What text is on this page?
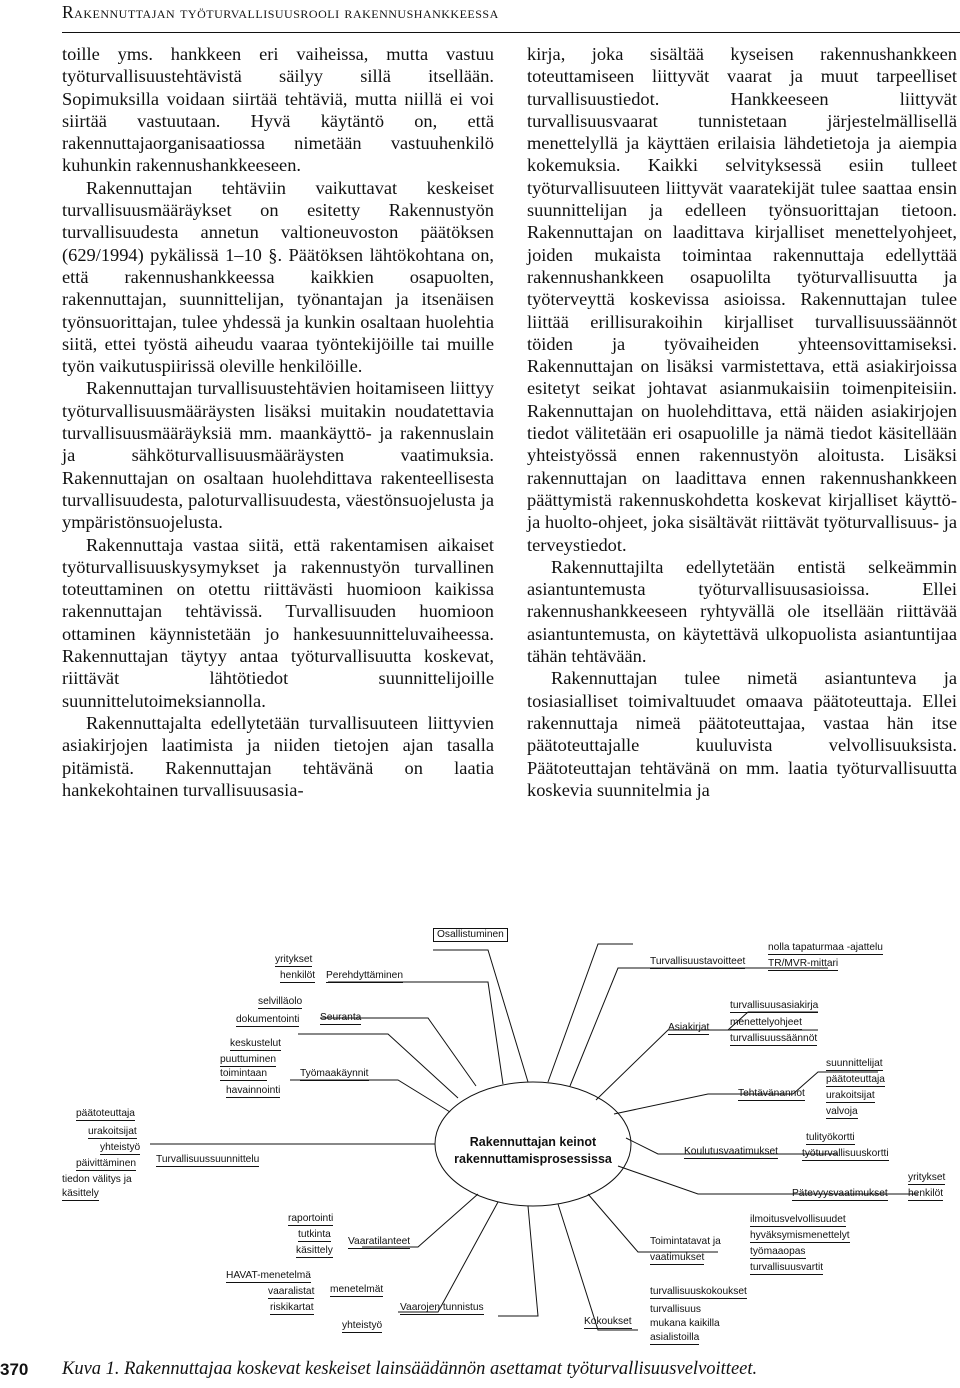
Rakennuttajan työturvallisuusrooli rakennushankkeessa

toille yms. hankkeen eri vaiheissa, mutta vastuu työturvallisuustehtävistä säilyy sillä itsellään. Sopimuksilla voidaan siirtää tehtäviä, mutta niillä ei voi siirtää vastuutaan. Hyvä käytäntö on, että rakennuttajaorganisaatiossa nimetään vastuuhenkilö kuhunkin rakennushankkeeseen.

Rakennuttajan tehtäviin vaikuttavat keskeiset turvallisuusmääräykset on esitetty Rakennustyön turvallisuudesta annetun valtioneuvoston päätöksen (629/1994) pykälissä 1–10 §. Päätöksen lähtökohtana on, että rakennushankkeessa kaikkien osapuolten, rakennuttajan, suunnittelijan, työnantajan ja itsenäisen työnsuorittajan, tulee yhdessä ja kunkin osaltaan huolehtia siitä, ettei työstä aiheudu vaaraa työntekijöille tai muille työn vaikutuspiirissä oleville henkilöille.

Rakennuttajan turvallisuustehtävien hoitamiseen liittyy työturvallisuusmääräysten lisäksi muitakin noudatettavia turvallisuusmääräyksiä mm. maankäyttö- ja rakennuslain ja sähköturvallisuusmääräysten vaatimuksia. Rakennuttajan on osaltaan huolehdittava rakenteellisesta turvallisuudesta, paloturvallisuudesta, väestönsuojelusta ja ympäristönsuojelusta.

Rakennuttaja vastaa siitä, että rakentamisen aikaiset työturvallisuuskysymykset ja rakennustyön turvallinen toteuttaminen on otettu riittävästi huomioon kaikissa rakennuttajan tehtävissä. Turvallisuuden huomioon ottaminen käynnistetään jo hankesuunnitteluvaiheessa. Rakennuttajan täytyy antaa työturvallisuutta koskevat, riittävät lähtötiedot suunnittelijoille suunnittelutoimeksiannolla.

Rakennuttajalta edellytetään turvallisuuteen liittyvien asiakirjojen laatimista ja niiden tietojen ajan tasalla pitämistä. Rakennuttajan tehtävänä on laatia hankekohtainen turvallisuusasia-

kirja, joka sisältää kyseisen rakennushankkeen toteuttamiseen liittyvät vaarat ja muut tarpeelliset turvallisuustiedot. Hankkeeseen liittyvät turvallisuusvaarat tunnistetaan järjestelmällisellä menettelyllä ja käyttäen erilaisia lähdetietoja ja aiempia kokemuksia. Kaikki selvityksessä esiin tulleet työturvallisuuteen liittyvät vaaratekijät tulee saattaa ensin suunnittelijan ja edelleen työnsuorittajan tietoon. Rakennuttajan on laadittava kirjalliset menettelyohjeet, joiden mukaista toimintaa rakennuttaja edellyttää rakennushankkeen osapuolilta työturvallisuutta ja työterveyttä koskevissa asioissa. Rakennuttajan tulee liittää erillisurakoihin kirjalliset turvallisuussäännöt töiden ja työvaiheiden yhteensovittamiseksi. Rakennuttajan on lisäksi varmistettava, että asiakirjoissa esitetyt seikat johtavat asianmukaisiin toimenpiteisiin. Rakennuttajan on huolehdittava, että näiden asiakirjojen tiedot välitetään eri osapuolille ja nämä tiedot käsitellään yhteistyössä ennen rakennustyön aloitusta. Lisäksi rakennuttajan on laadittava ennen rakennushankkeen päättymistä rakennuskohdetta koskevat kirjalliset käyttö- ja huolto-ohjeet, joka sisältävät riittävät työturvallisuus- ja terveystiedot.

Rakennuttajilta edellytetään entistä selkeämmin asiantuntemusta työturvallisuusasioissa. Ellei rakennushankkeeseen ryhtyvällä ole itsellään riittävää asiantuntemusta, on käytettävä ulkopuolista asiantuntijaa tähän tehtävään.

Rakennuttajan tulee nimetä asiantunteva ja tosiasialliset toimivaltuudet omaava päätoteuttaja. Ellei rakennuttaja nimeä päätoteuttajaa, vastaa hän itse päätoteuttajalle kuuluvista velvollisuuksista. Päätoteuttajan tehtävänä on mm. laatia työturvallisuutta koskevia suunnitelmia ja

Rakennuttajan keinot
rakennuttamisprosessissa
Osallistuminen
yritykset
henkilöt Perehdyttäminen
selvilläolo
dokumentointi Seuranta
keskustelut
puuttuminen
toimintaan
havainnointi
Työmaakäynnit
päätoteuttaja
urakoitsijat
yhteistyö
päivittäminen
tiedon välitys ja
käsittely
Turvallisuussuunnittelu
raportointi
tutkinta
käsittely
Vaaratilanteet
HAVAT-menetelmä
vaaralistat
riskikartat
menetelmät
yhteistyö
Vaarojen tunnistus
Kokoukset
turvallisuuskokoukset
turvallisuus
mukana kaikilla
asialistoilla
Toimintatavat ja
vaatimukset
ilmoitusvelvollisuudet
hyväksymismenettelyt
työmaaopas
turvallisuusvartit
Turvallisuustavoitteet
nolla tapaturmaa -ajattelu
TR/MVR-mittari
Asiakirjat
turvallisuusasiakirja
menettelyohjeet
turvallisuussäännöt
Tehtävänannot
suunnittelijat
päätoteuttaja
urakoitsijat
valvoja
Koulutusvaatimukset
tulityökortti
työturvallisuuskortti
Pätevyysvaatimukset
yritykset
henkilöt
370 Kuva 1. Rakennuttajaa koskevat keskeiset lainsäädännön asettamat työturvallisuusvelvoitteet.
